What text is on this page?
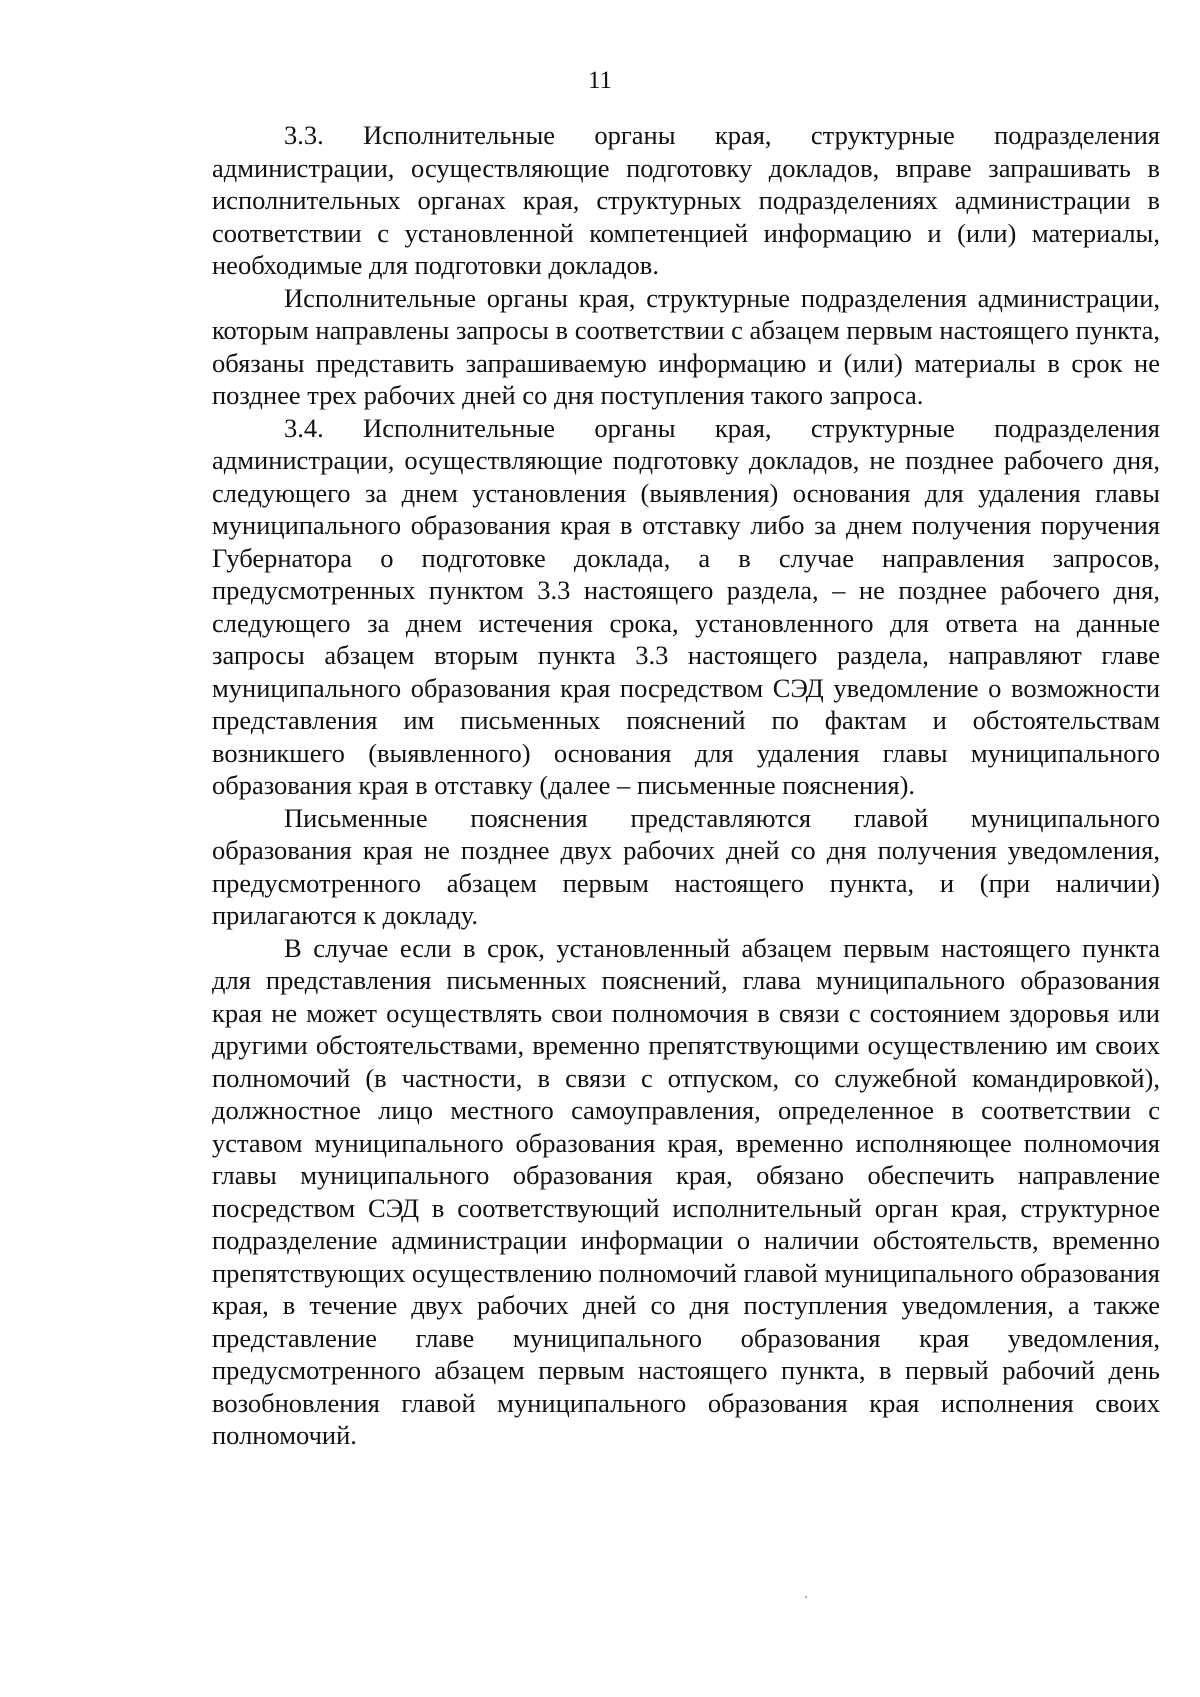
11

3.3. Исполнительные органы края, структурные подразделения администрации, осуществляющие подготовку докладов, вправе запрашивать в исполнительных органах края, структурных подразделениях администрации в соответствии с установленной компетенцией информацию и (или) материалы, необходимые для подготовки докладов.

Исполнительные органы края, структурные подразделения администрации, которым направлены запросы в соответствии с абзацем первым настоящего пункта, обязаны представить запрашиваемую информацию и (или) материалы в срок не позднее трех рабочих дней со дня поступления такого запроса.

3.4. Исполнительные органы края, структурные подразделения администрации, осуществляющие подготовку докладов, не позднее рабочего дня, следующего за днем установления (выявления) основания для удаления главы муниципального образования края в отставку либо за днем получения поручения Губернатора о подготовке доклада, а в случае направления запросов, предусмотренных пунктом 3.3 настоящего раздела, – не позднее рабочего дня, следующего за днем истечения срока, установленного для ответа на данные запросы абзацем вторым пункта 3.3 настоящего раздела, направляют главе муниципального образования края посредством СЭД уведомление о возможности представления им письменных пояснений по фактам и обстоятельствам возникшего (выявленного) основания для удаления главы муниципального образования края в отставку (далее – письменные пояснения).

Письменные пояснения представляются главой муниципального образования края не позднее двух рабочих дней со дня получения уведомления, предусмотренного абзацем первым настоящего пункта, и (при наличии) прилагаются к докладу.

В случае если в срок, установленный абзацем первым настоящего пункта для представления письменных пояснений, глава муниципального образования края не может осуществлять свои полномочия в связи с состоянием здоровья или другими обстоятельствами, временно препятствующими осуществлению им своих полномочий (в частности, в связи с отпуском, со служебной командировкой), должностное лицо местного самоуправления, определенное в соответствии с уставом муниципального образования края, временно исполняющее полномочия главы муниципального образования края, обязано обеспечить направление посредством СЭД в соответствующий исполнительный орган края, структурное подразделение администрации информации о наличии обстоятельств, временно препятствующих осуществлению полномочий главой муниципального образования края, в течение двух рабочих дней со дня поступления уведомления, а также представление главе муниципального образования края уведомления, предусмотренного абзацем первым настоящего пункта, в первый рабочий день возобновления главой муниципального образования края исполнения своих полномочий.
